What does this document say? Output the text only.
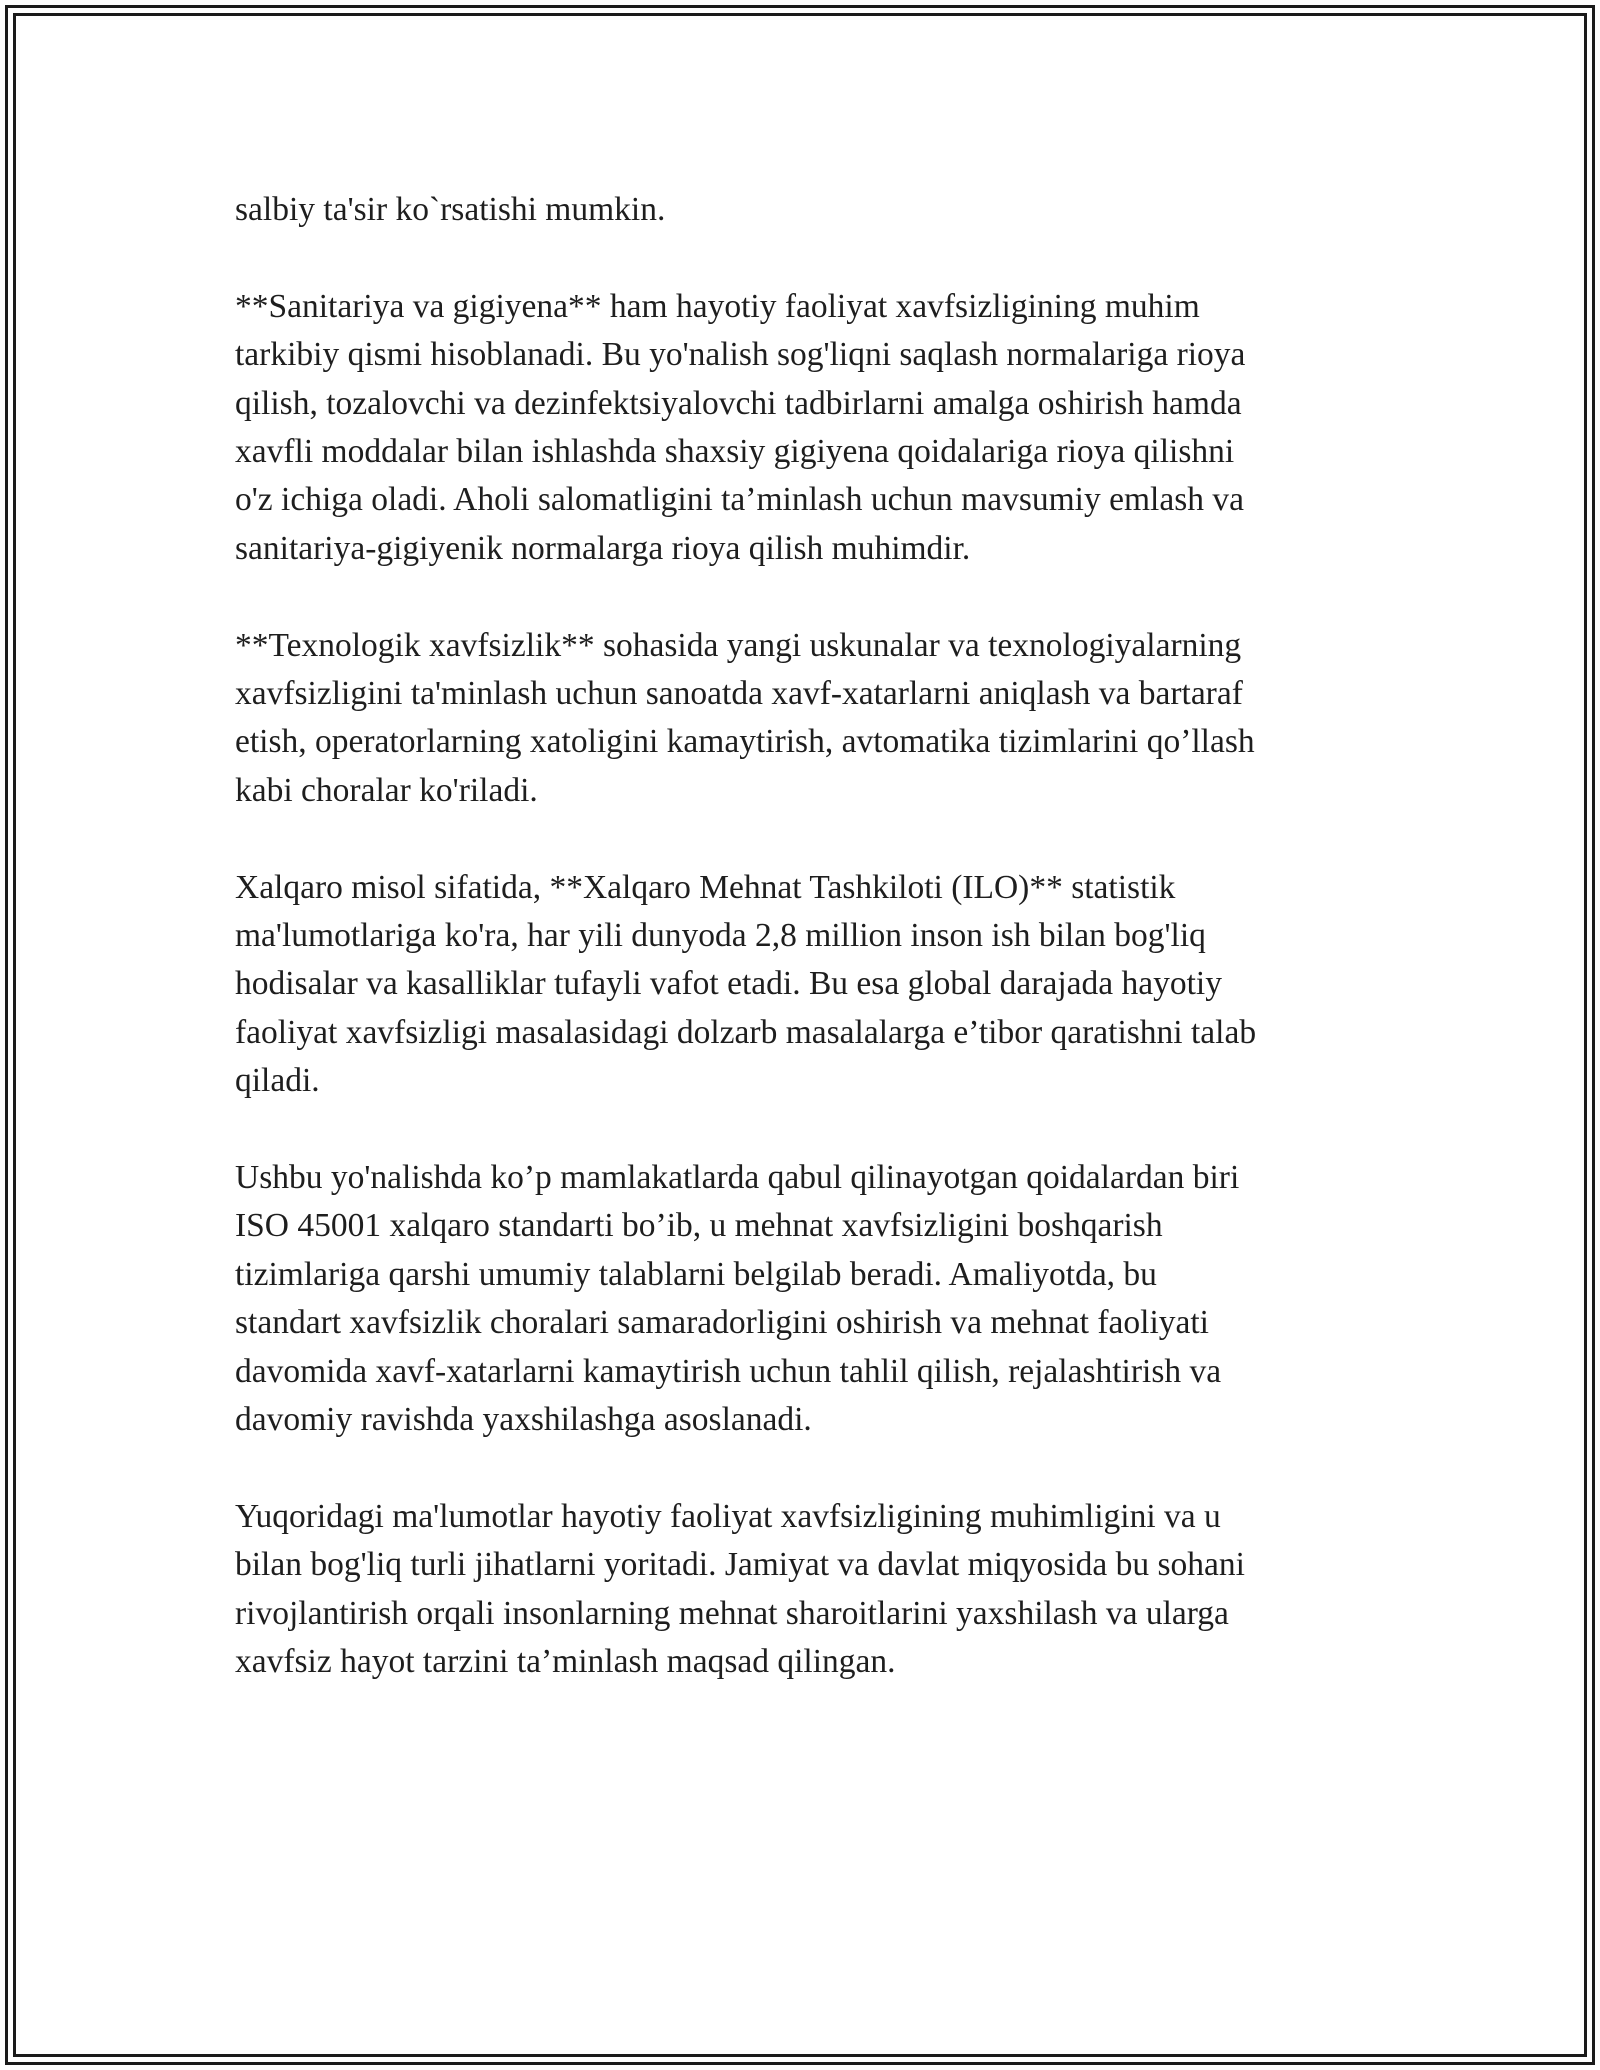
salbiy ta'sir ko`rsatishi mumkin.

**Sanitariya va gigiyena** ham hayotiy faoliyat xavfsizligining muhim
tarkibiy qismi hisoblanadi. Bu yo'nalish sog'liqni saqlash normalariga rioya
qilish, tozalovchi va dezinfektsiyalovchi tadbirlarni amalga oshirish hamda
xavfli moddalar bilan ishlashda shaxsiy gigiyena qoidalariga rioya qilishni
o'z ichiga oladi. Aholi salomatligini ta’minlash uchun mavsumiy emlash va
sanitariya-gigiyenik normalarga rioya qilish muhimdir.

**Texnologik xavfsizlik** sohasida yangi uskunalar va texnologiyalarning
xavfsizligini ta'minlash uchun sanoatda xavf-xatarlarni aniqlash va bartaraf
etish, operatorlarning xatoligini kamaytirish, avtomatika tizimlarini qo’llash
kabi choralar ko'riladi.

Xalqaro misol sifatida, **Xalqaro Mehnat Tashkiloti (ILO)** statistik
ma'lumotlariga ko'ra, har yili dunyoda 2,8 million inson ish bilan bog'liq
hodisalar va kasalliklar tufayli vafot etadi. Bu esa global darajada hayotiy
faoliyat xavfsizligi masalasidagi dolzarb masalalarga e’tibor qaratishni talab
qiladi.

Ushbu yo'nalishda ko’p mamlakatlarda qabul qilinayotgan qoidalardan biri
ISO 45001 xalqaro standarti bo’ib, u mehnat xavfsizligini boshqarish
tizimlariga qarshi umumiy talablarni belgilab beradi. Amaliyotda, bu
standart xavfsizlik choralari samaradorligini oshirish va mehnat faoliyati
davomida xavf-xatarlarni kamaytirish uchun tahlil qilish, rejalashtirish va
davomiy ravishda yaxshilashga asoslanadi.

Yuqoridagi ma'lumotlar hayotiy faoliyat xavfsizligining muhimligini va u
bilan bog'liq turli jihatlarni yoritadi. Jamiyat va davlat miqyosida bu sohani
rivojlantirish orqali insonlarning mehnat sharoitlarini yaxshilash va ularga
xavfsiz hayot tarzini ta’minlash maqsad qilingan.
